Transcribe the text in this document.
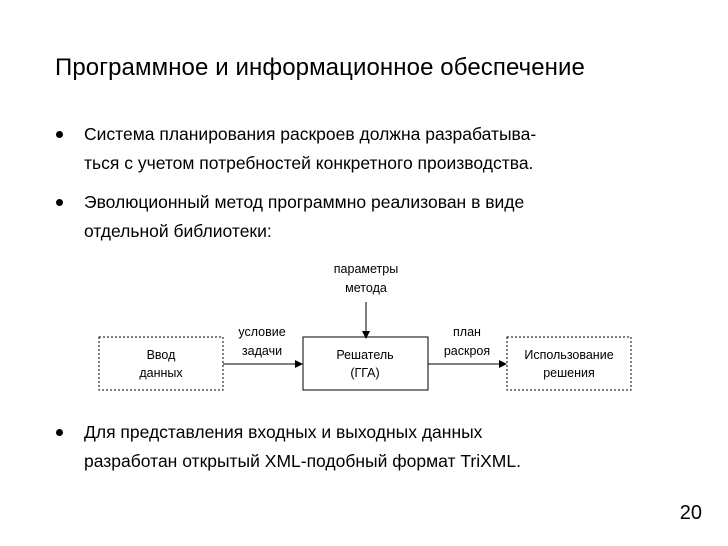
Программное и информационное обеспечение
Система планирования раскроев должна разрабатыва-
ться с учетом потребностей конкретного производства.
Эволюционный метод программно реализован в виде
отдельной библиотеки:
параметры
метода
Ввод
данных
условие
задачи	Решатель
(ГГА)
план
раскроя	Использование
решения
Для представления входных и выходных данных
разработан открытый XML-подобный формат TriXML.
20
